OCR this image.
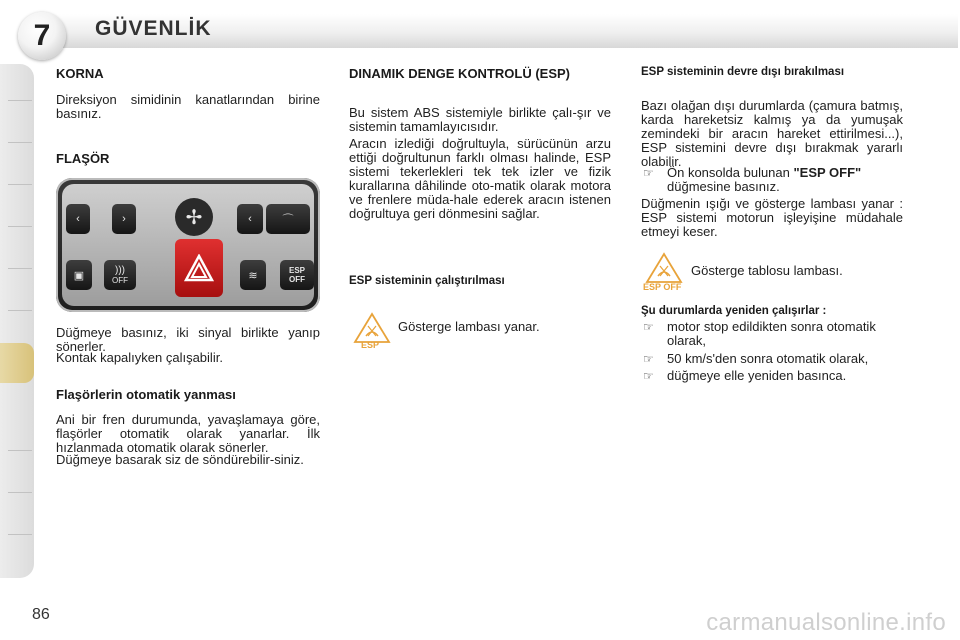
7	GÜVENLİK
KORNA

Direksiyon simidinin kanatlarından birine basınız.

FLAŞÖR
‹	›	✢	‹	⌒
▣	)))
OFF	≋	ESP
OFF

Düğmeye basınız, iki sinyal birlikte yanıp sönerler.

Kontak kapalıyken çalışabilir.

Flaşörlerin otomatik yanması

Ani bir fren durumunda, yavaşlamaya göre, flaşörler otomatik olarak yanarlar. İlk hızlanmada otomatik olarak sönerler.

Düğmeye basarak siz de söndürebilir-siniz.

DINAMIK DENGE KONTROLÜ (ESP)

Bu sistem ABS sistemiyle birlikte çalı-şır ve sistemin tamamlayıcısıdır.

Aracın izlediği doğrultuyla, sürücünün arzu ettiği doğrultunun farklı olması halinde, ESP sistemi tekerlekleri tek tek izler ve fizik kurallarına dâhilinde oto-matik olarak motora ve frenlere müda-hale ederek aracın istenen doğrultuya geri dönmesini sağlar.

ESP sisteminin çalıştırılması
ESP
Gösterge lambası yanar.
ESP sisteminin devre dışı bırakılması

Bazı olağan dışı durumlarda (çamura batmış, karda hareketsiz kalmış ya da yumuşak zemindeki bir aracın hareket ettirilmesi...), ESP sistemini devre dışı bırakmak yararlı olabilir.

☞ Ön konsolda bulunan "ESP OFF"
düğmesine basınız.

Düğmenin ışığı ve gösterge lambası yanar : ESP sistemi motorun işleyişine müdahale etmeyi keser.

ESP OFF
Gösterge tablosu lambası.
Şu durumlarda yeniden çalışırlar :
☞ motor stop edildikten sonra otomatik olarak,
☞ 50 km/s'den sonra otomatik olarak,
☞ düğmeye elle yeniden basınca.
86	carmanualsonline.info
